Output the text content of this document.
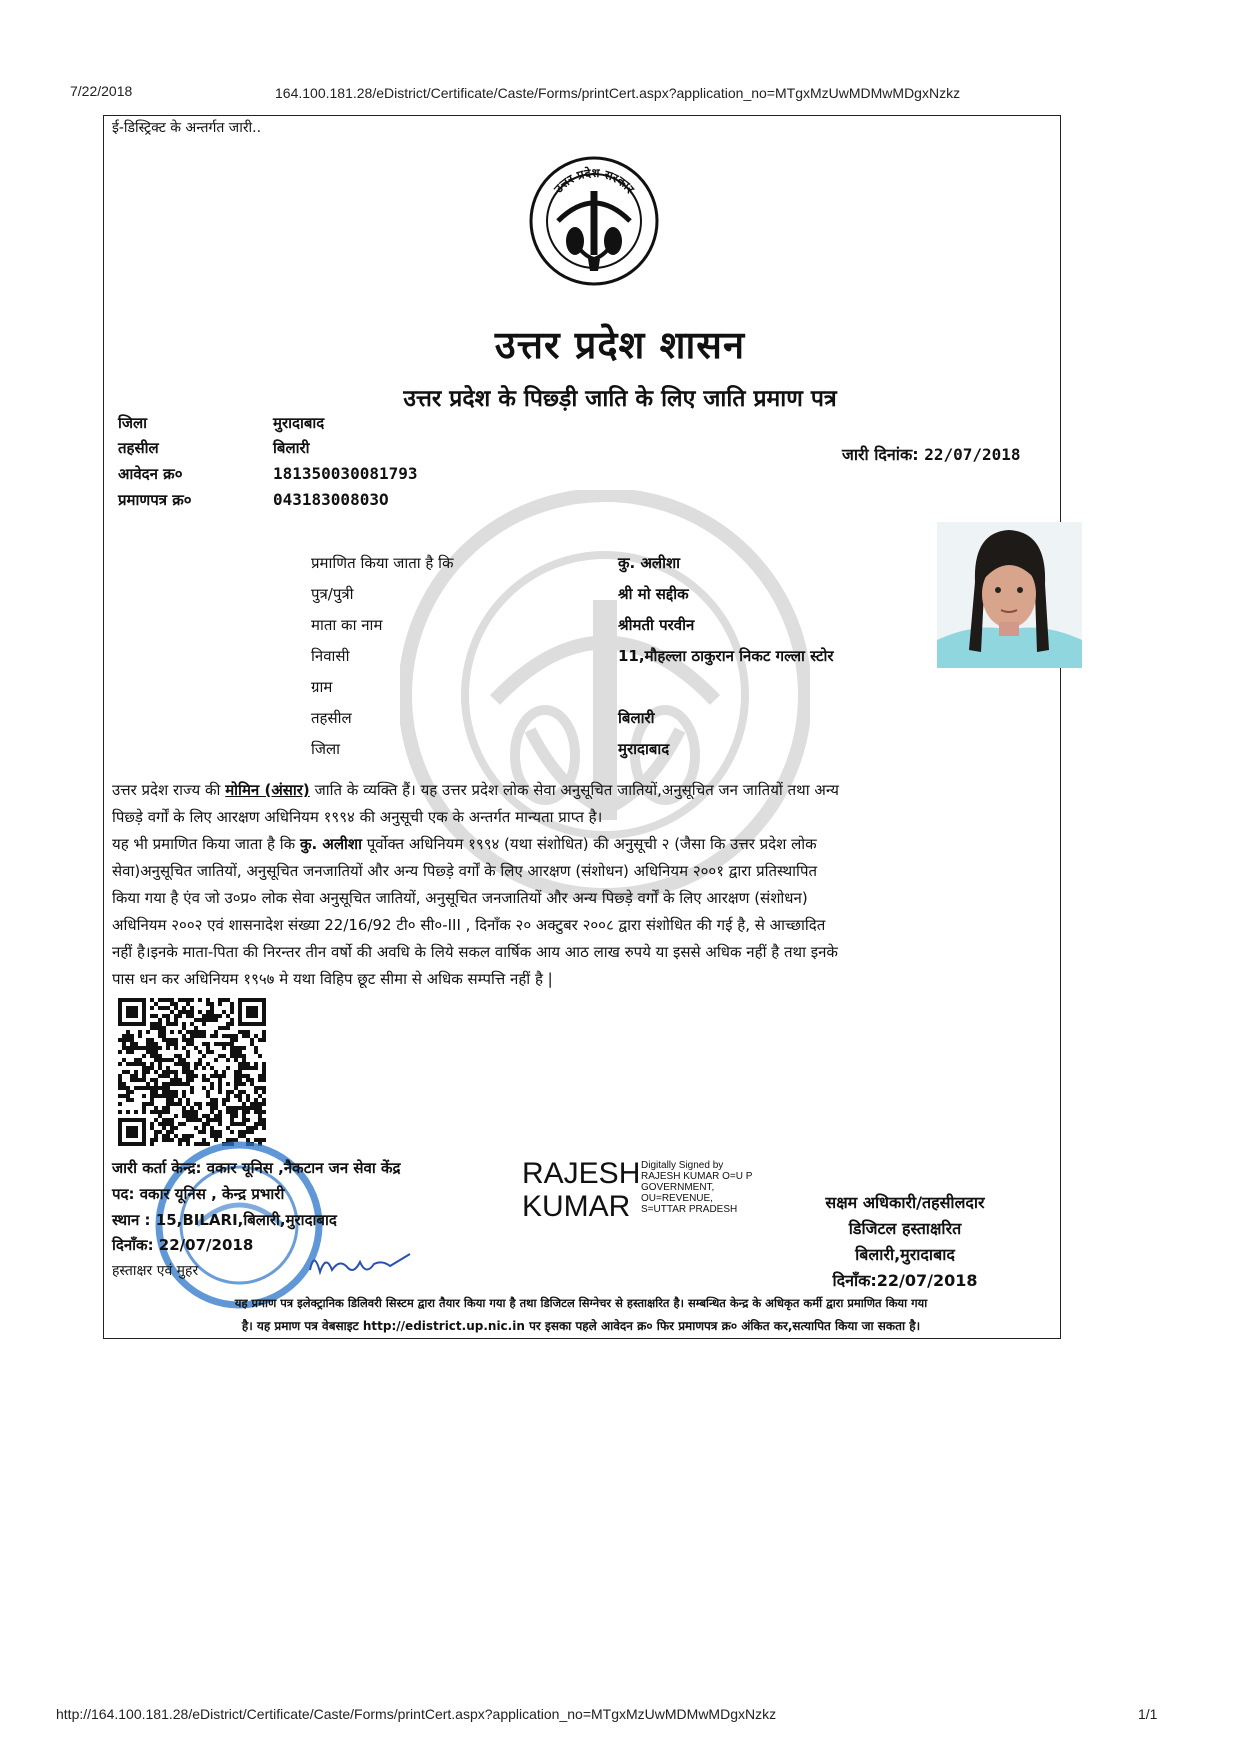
7/22/2018	164.100.181.28/eDistrict/Certificate/Caste/Forms/printCert.aspx?application_no=MTgxMzUwMDMwMDgxNzkz
ई-डिस्ट्रिक्ट के अन्तर्गत जारी..
उत्तर प्रदेश सरकार
उत्तर प्रदेश शासन
उत्तर प्रदेश के पिछ्ड़ी जाति के लिए जाति प्रमाण पत्र
जिला	मुरादाबाद
तहसील	बिलारी
आवेदन क्र०	181350030081793
प्रमाणपत्र क्र०	04318300803О
जारी दिनांक: 22/07/2018
प्रमाणित किया जाता है कि	कु. अलीशा
पुत्र/पुत्री	श्री मो सद्दीक
माता का नाम	श्रीमती परवीन
निवासी	11,मौहल्ला ठाकुरान निकट गल्ला स्टोर
ग्राम
तहसील	बिलारी
जिला	मुरादाबाद

उत्तर प्रदेश राज्य की मोमिन (अंसार) जाति के व्यक्ति हैं। यह उत्तर प्रदेश लोक सेवा अनुसूचित जातियों,अनुसूचित जन जातियों तथा अन्य

पिछ्ड़े वर्गों के लिए आरक्षण अधिनियम १९९४ की अनुसूची एक के अन्तर्गत मान्यता प्राप्त है।

यह भी प्रमाणित किया जाता है कि कु. अलीशा पूर्वोक्त अधिनियम १९९४ (यथा संशोधित) की अनुसूची २ (जैसा कि उत्तर प्रदेश लोक

सेवा)अनुसूचित जातियों, अनुसूचित जनजातियों और अन्य पिछ्ड़े वर्गों के लिए आरक्षण (संशोधन) अधिनियम २००१ द्वारा प्रतिस्थापित

किया गया है एंव जो उ०प्र० लोक सेवा अनुसूचित जातियों, अनुसूचित जनजातियों और अन्य पिछ्ड़े वर्गों के लिए आरक्षण (संशोधन)

अधिनियम २००२ एवं शासनादेश संख्या 22/16/92 टी० सी०-III , दिनाँक २० अक्टुबर २००८ द्वारा संशोधित की गई है, से आच्छादित

नहीं है।इनके माता-पिता की निरन्तर तीन वर्षो की अवधि के लिये सकल वार्षिक आय आठ लाख रुपये या इससे अधिक नहीं है तथा इनके

पास धन कर अधिनियम १९५७ मे यथा विहिप छूट सीमा से अधिक सम्पत्ति नहीं है |

जारी कर्ता केन्द्र: वकार यूनिस ,नैकटान जन सेवा केंद्र
पद: वकार यूनिस , केन्द्र प्रभारी
स्थान : 15,BILARI,बिलारी,मुरादाबाद
दिनाँक: 22/07/2018
हस्ताक्षर एवं मुहर
RAJESH
KUMAR
Digitally Signed by
RAJESH KUMAR O=U P
GOVERNMENT,
OU=REVENUE,
S=UTTAR PRADESH	सक्षम अधिकारी/तहसीलदार
डिजिटल हस्ताक्षरित
बिलारी,मुरादाबाद
दिनाँक:22/07/2018
यह प्रमाण पत्र इलेक्ट्रानिक डिलिवरी सिस्टम द्वारा तैयार किया गया है तथा डिजिटल सिग्नेचर से हस्ताक्षरित है। सम्बन्धित केन्द्र के अधिकृत कर्मी द्वारा प्रमाणित किया गया
है। यह प्रमाण पत्र वेबसाइट http://edistrict.up.nic.in पर इसका पहले आवेदन क्र० फिर प्रमाणपत्र क्र० अंकित कर,सत्यापित किया जा सकता है।
http://164.100.181.28/eDistrict/Certificate/Caste/Forms/printCert.aspx?application_no=MTgxMzUwMDMwMDgxNzkz	1/1
